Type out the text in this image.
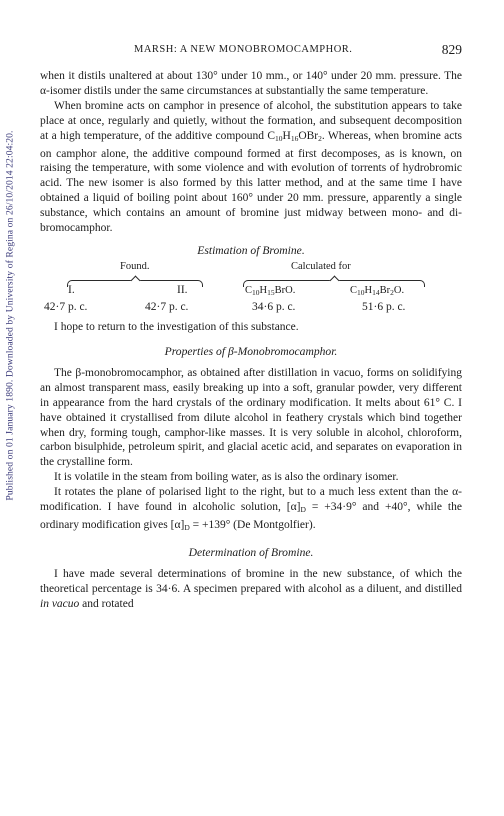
Published on 01 January 1890. Downloaded by University of Regina on 26/10/2014 22:04:20.
MARSH: A NEW MONOBROMOCAMPHOR.	829

when it distils unaltered at about 130° under 10 mm., or 140° under 20 mm. pressure. The α-isomer distils under the same circumstances at substantially the same temperature.

When bromine acts on camphor in presence of alcohol, the substitution appears to take place at once, regularly and quietly, without the formation, and subsequent decomposition at a high temperature, of the additive compound $C_{10}H_{16}OBr_2$. Whereas, when bromine acts on camphor alone, the additive compound formed at first decomposes, as is known, on raising the temperature, with some violence and with evolution of torrents of hydrobromic acid. The new isomer is also formed by this latter method, and at the same time I have obtained a liquid of boiling point about 160° under 20 mm. pressure, apparently a single substance, which contains an amount of bromine just midway between mono- and di-bromocamphor.

Estimation of Bromine.
Found.	Calculated for
I.	II.	$C_{10}H_{15}BrO$.	$C_{10}H_{14}Br_2O$.
42·7 p. c.	42·7 p. c.	34·6 p. c.	51·6 p. c.

I hope to return to the investigation of this substance.

Properties of β-Monobromocamphor.

The β-monobromocamphor, as obtained after distillation in vacuo, forms on solidifying an almost transparent mass, easily breaking up into a soft, granular powder, very different in appearance from the hard crystals of the ordinary modification. It melts about 61° C. I have obtained it crystallised from dilute alcohol in feathery crystals which bind together when dry, forming tough, camphor-like masses. It is very soluble in alcohol, chloroform, carbon bisulphide, petroleum spirit, and glacial acetic acid, and separates on evaporation in the crystalline form.

It is volatile in the steam from boiling water, as is also the ordinary isomer.

It rotates the plane of polarised light to the right, but to a much less extent than the α-modification. I have found in alcoholic solution, $[\alpha]_D = +34\cdot 9^\circ$ and +40°, while the ordinary modification gives $[\alpha]_D = +139^\circ$ (De Montgolfier).

Determination of Bromine.

I have made several determinations of bromine in the new substance, of which the theoretical percentage is 34·6. A specimen prepared with alcohol as a diluent, and distilled in vacuo and rotated
